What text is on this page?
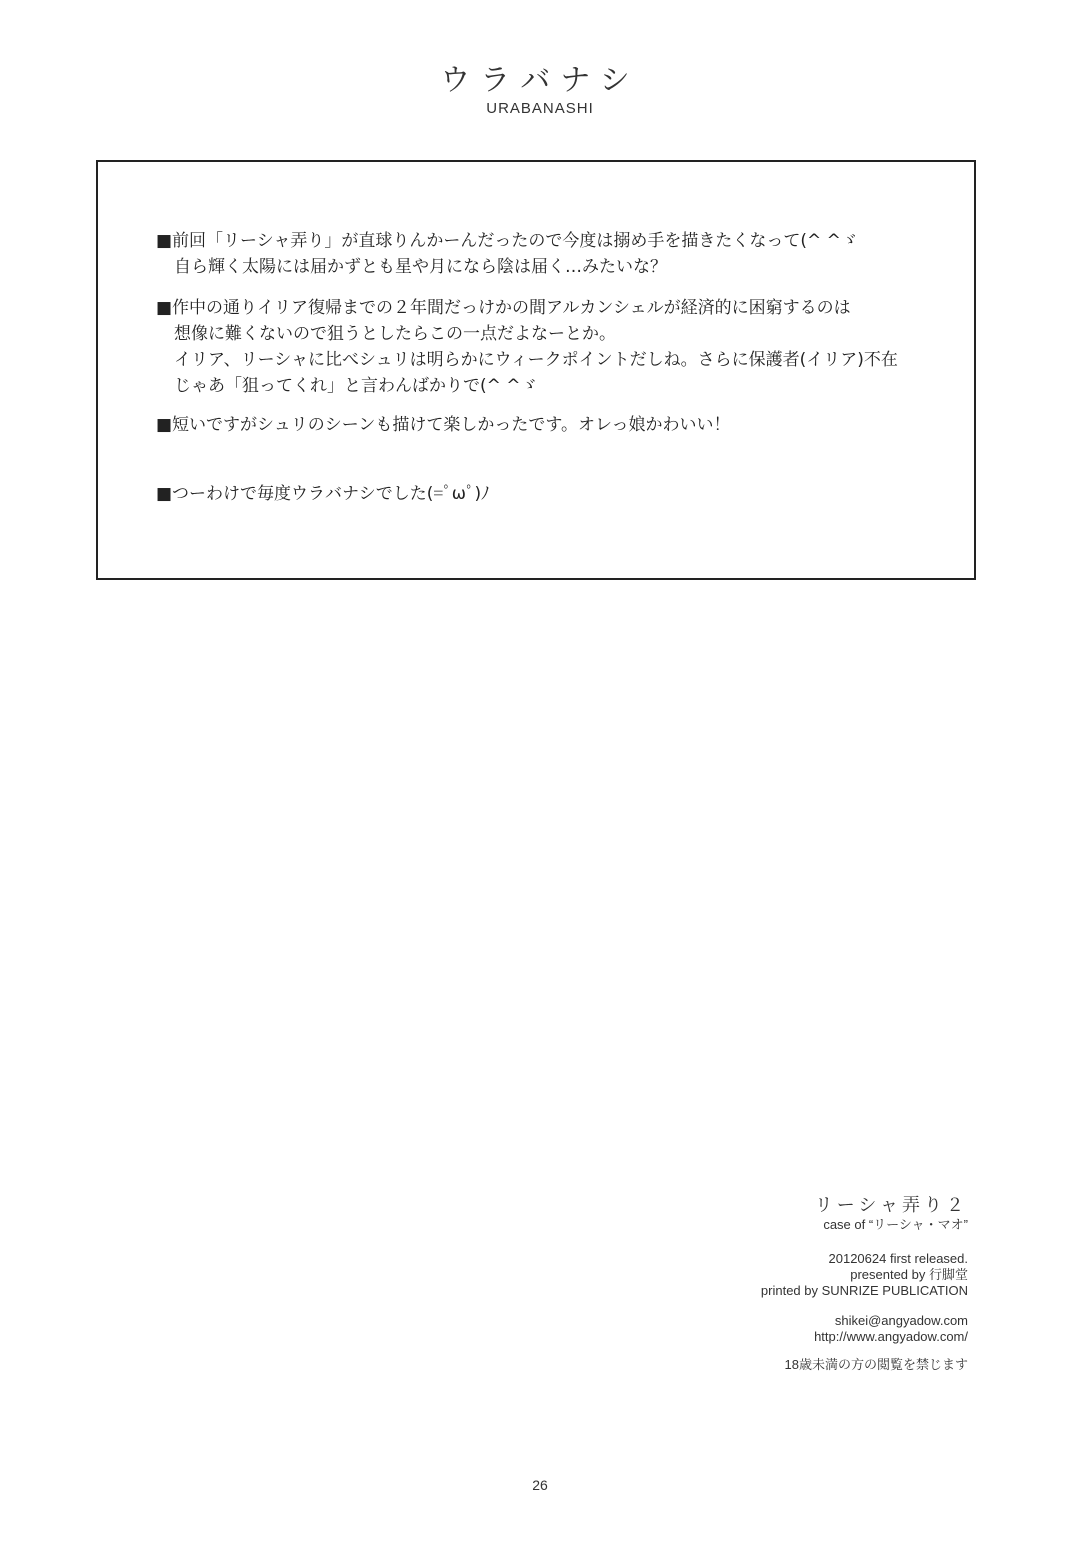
ウラバナシ
URABANASHI
■前回「リーシャ弄り」が直球りんかーんだったので今度は搦め手を描きたくなって(^ ^ゞ
自ら輝く太陽には届かずとも星や月になら陰は届く…みたいな？
■作中の通りイリア復帰までの２年間だっけかの間アルカンシェルが経済的に困窮するのは
想像に難くないので狙うとしたらこの一点だよなーとか。
イリア、リーシャに比べシュリは明らかにウィークポイントだしね。さらに保護者(イリア)不在
じゃあ「狙ってくれ」と言わんばかりで(^ ^ゞ
■短いですがシュリのシーンも描けて楽しかったです。オレっ娘かわいい！
■つーわけで毎度ウラバナシでした(=ﾟωﾟ)ﾉ
リーシャ弄り２
case of “リーシャ・マオ”
20120624 first released.
presented by 行脚堂
printed by SUNRIZE PUBLICATION
shikei@angyadow.com
http://www.angyadow.com/
18歳未満の方の閲覧を禁じます
26
